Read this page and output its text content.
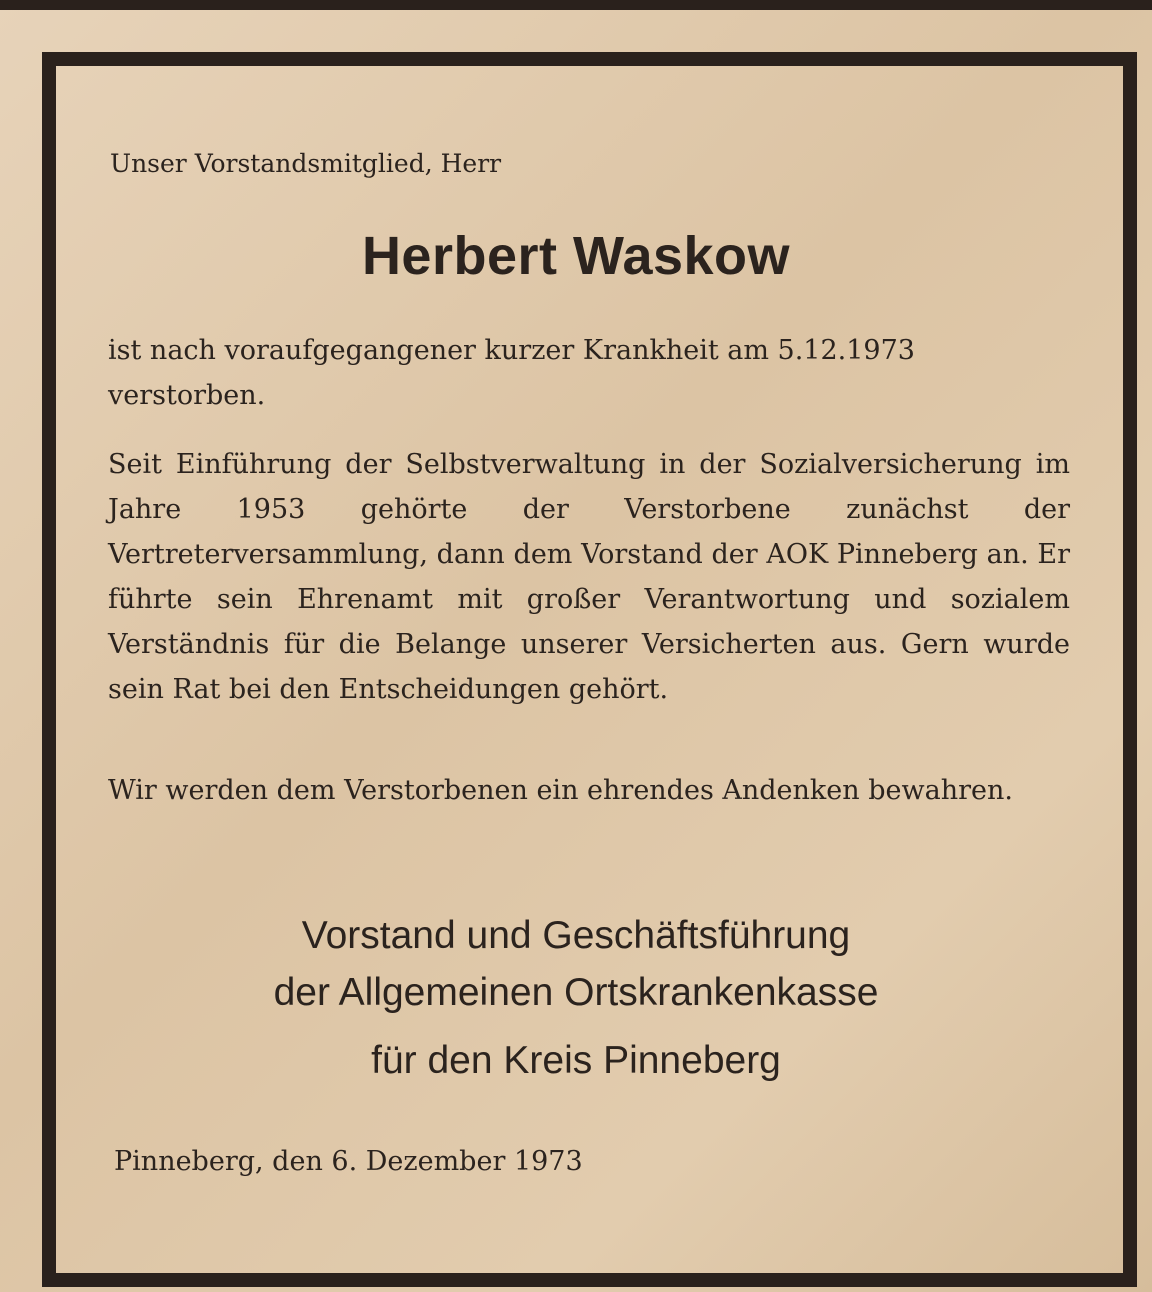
Unser Vorstandsmitglied, Herr
Herbert Waskow
ist nach voraufgegangener kurzer Krankheit am 5.12.1973 verstorben.
Seit Einführung der Selbstverwaltung in der Sozialversicherung im Jahre 1953 gehörte der Verstorbene zunächst der Vertreterversammlung, dann dem Vorstand der AOK Pinneberg an. Er führte sein Ehrenamt mit großer Verantwortung und sozialem Verständnis für die Belange unserer Versicherten aus. Gern wurde sein Rat bei den Entscheidungen gehört.
Wir werden dem Verstorbenen ein ehrendes Andenken bewahren.
Vorstand und Geschäftsführung
der Allgemeinen Ortskrankenkasse
für den Kreis Pinneberg
Pinneberg, den 6. Dezember 1973
